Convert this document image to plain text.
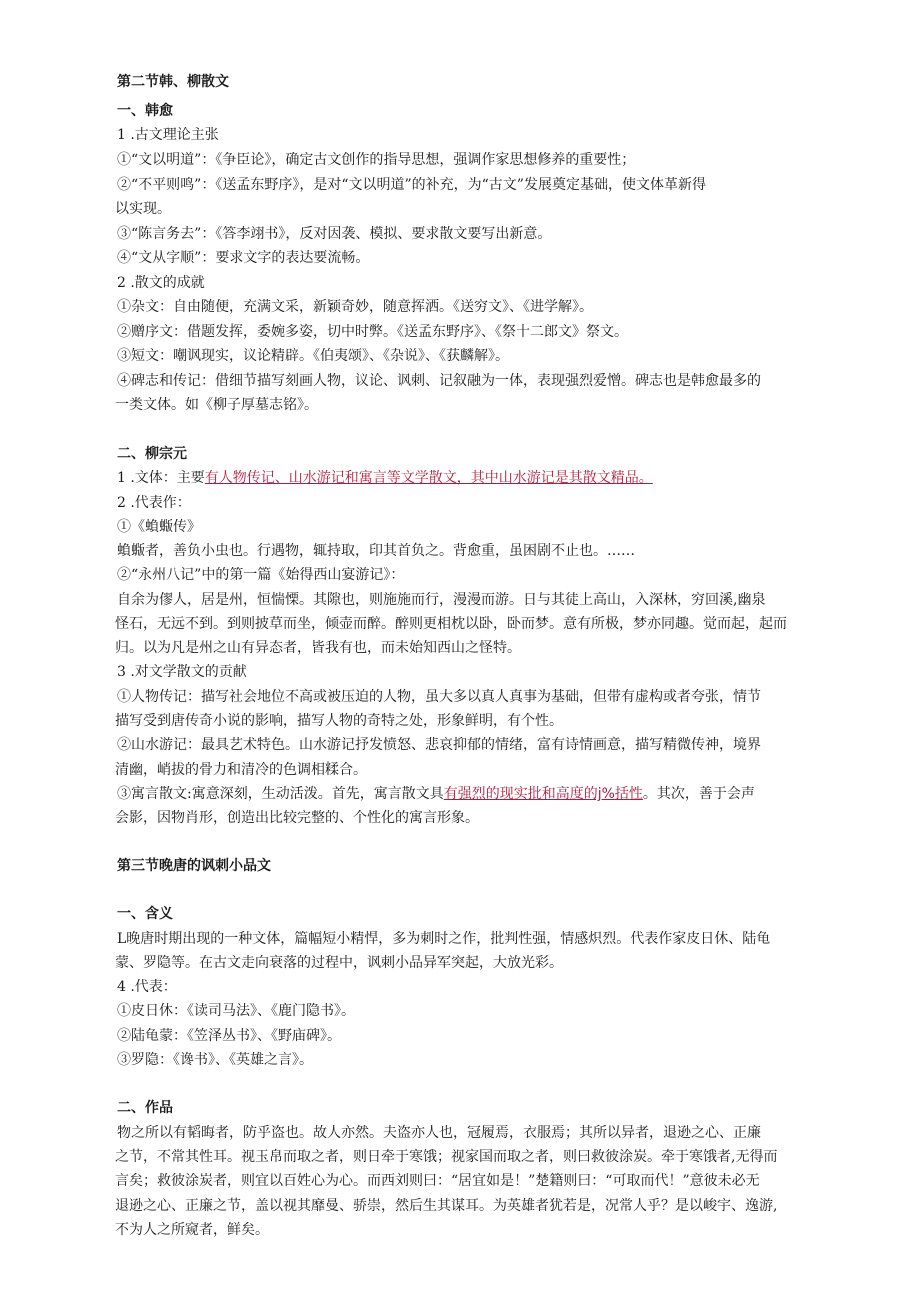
第二节韩、柳散文
一、韩愈
1 .古文理论主张
①“文以明道”：《争臣论》，确定古文创作的指导思想，强调作家思想修养的重要性；
②“不平则鸣”：《送孟东野序》，是对“文以明道”的补充，为“古文”发展奠定基础，使文体革新得
以实现。
③“陈言务去”：《答李翊书》，反对因袭、模拟、要求散文要写出新意。
④“文从字顺”：要求文字的表达要流畅。
2 .散文的成就
①杂文：自由随便，充满文采，新颖奇妙，随意挥洒。《送穷文》、《进学解》。
②赠序文：借题发挥，委婉多姿，切中时弊。《送孟东野序》、《祭十二郎文》祭文。
③短文：嘲讽现实，议论精辟。《伯夷颂》、《杂说》、《获麟解》。
④碑志和传记：借细节描写刻画人物，议论、讽刺、记叙融为一体，表现强烈爱憎。碑志也是韩愈最多的
一类文体。如《柳子厚墓志铭》。
二、柳宗元
1 .文体：主要有人物传记、山水游记和寓言等文学散文，其中山水游记是其散文精品。
2 .代表作：
①《蝜蝂传》
蝜蝂者，善负小虫也。行遇物，辄持取，印其首负之。背愈重，虽困剧不止也。……
②“永州八记”中的第一篇《始得西山宴游记》：
自余为僇人，居是州，恒惴慄。其隙也，则施施而行，漫漫而游。日与其徒上高山，入深林，穷回溪,幽泉
怪石，无远不到。到则披草而坐，倾壶而醉。醉则更相枕以卧，卧而梦。意有所极，梦亦同趣。觉而起，起而
归。以为凡是州之山有异态者，皆我有也，而未始知西山之怪特。
3 .对文学散文的贡献
①人物传记：描写社会地位不高或被压迫的人物，虽大多以真人真事为基础，但带有虚构或者夸张，情节
描写受到唐传奇小说的影响，描写人物的奇特之处，形象鲜明，有个性。
②山水游记：最具艺术特色。山水游记抒发愤怒、悲哀抑郁的情绪，富有诗情画意，描写精微传神，境界
清幽，峭拔的骨力和清冷的色调相糅合。
③寓言散文:寓意深刻，生动活泼。首先，寓言散文具有强烈的现实批和高度的j%括性。其次，善于会声
会影，因物肖形，创造出比较完整的、个性化的寓言形象。
第三节晚唐的讽刺小品文
一、含义
L晚唐时期出现的一种文体，篇幅短小精悍，多为刺时之作，批判性强，情感炽烈。代表作家皮日休、陆龟
蒙、罗隐等。在古文走向衰落的过程中，讽刺小品异军突起，大放光彩。
4 .代表：
①皮日休：《读司马法》、《鹿门隐书》。
②陆龟蒙：《笠泽丛书》、《野庙碑》。
③罗隐：《谗书》、《英雄之言》。
二、作品
物之所以有韬晦者，防乎盗也。故人亦然。夫盗亦人也，冠履焉，衣服焉；其所以异者，退逊之心、正廉
之节，不常其性耳。视玉帛而取之者，则日牵于寒饿；视家国而取之者，则曰救彼涂炭。牵于寒饿者,无得而
言矣；救彼涂炭者，则宜以百姓心为心。而西刘则曰：“居宜如是！”楚籍则曰：“可取而代！”意彼未必无
退逊之心、正廉之节，盖以视其靡曼、骄崇，然后生其谋耳。为英雄者犹若是，况常人乎？是以峻宇、逸游,
不为人之所窥者，鲜矣。
